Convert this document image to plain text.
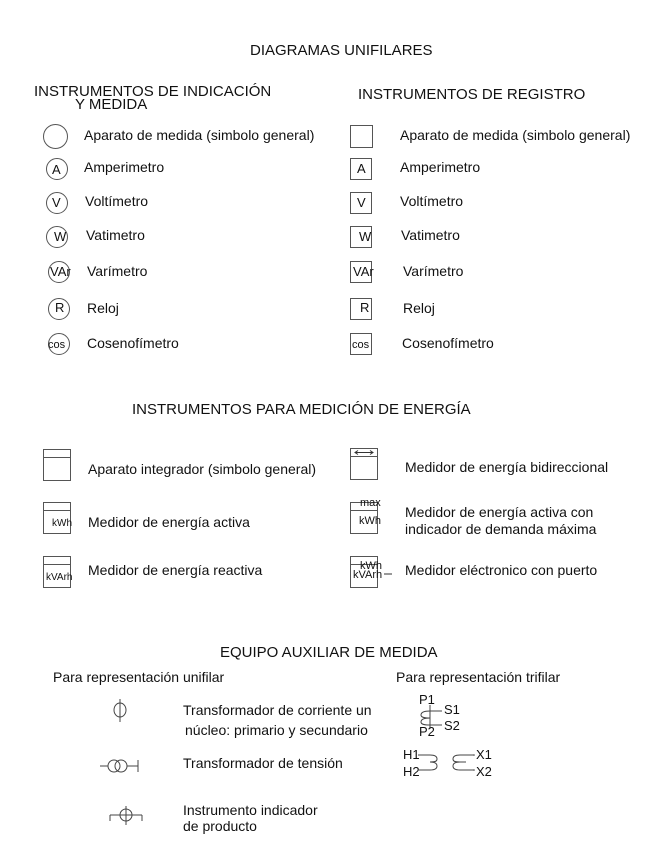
DIAGRAMAS UNIFILARES
INSTRUMENTOS DE INDICACIÓN
Y MEDIDA
INSTRUMENTOS DE REGISTRO
Aparato de medida (simbolo general)
A Amperimetro
V Voltímetro
W Vatimetro
VAr Varímetro
R Reloj
cos Cosenofímetro
Aparato de medida (simbolo general)
A Amperimetro
V Voltímetro
W Vatimetro
VAr Varímetro
R Reloj
cos Cosenofímetro
INSTRUMENTOS PARA MEDICIÓN DE ENERGÍA
Aparato integrador (simbolo general)
kWh Medidor de energía activa
kVArh Medidor de energía reactiva
Medidor de energía bidireccional
max
kWh
Medidor de energía activa con
indicador de demanda máxima
kWh
kVArh Medidor eléctronico con puerto
EQUIPO AUXILIAR DE MEDIDA
Para representación unifilar	Para representación trifilar
Transformador de corriente un
núcleo: primario y secundario
Transformador de tensión
Instrumento indicador
de producto
P1
P2
S1
S2
H1
H2
X1
X2
